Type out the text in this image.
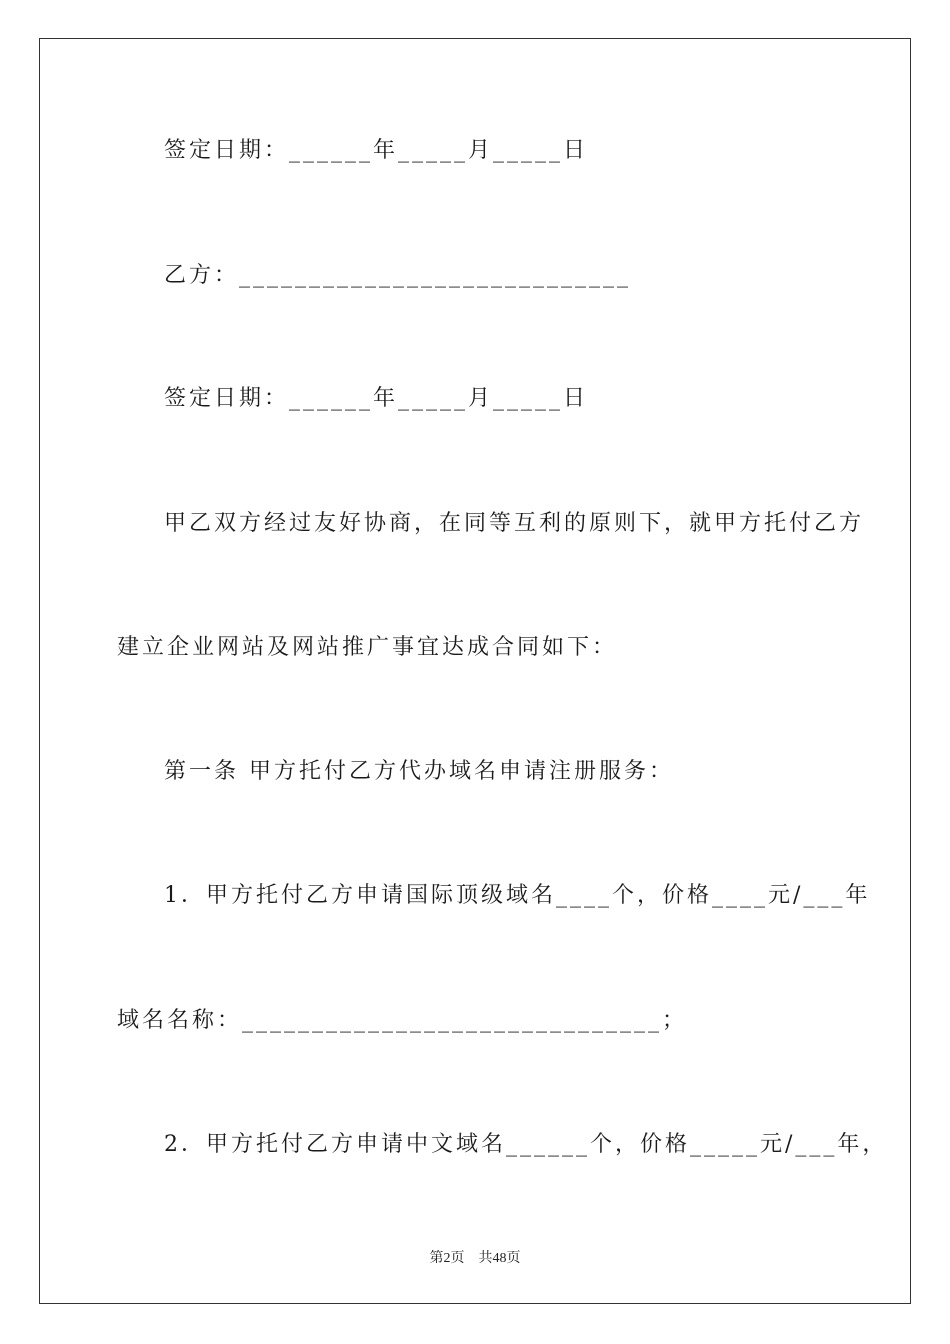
签定日期：______年_____月_____日
乙方：____________________________
签定日期：______年_____月_____日
甲乙双方经过友好协商，在同等互利的原则下，就甲方托付乙方
建立企业网站及网站推广事宜达成合同如下：
第一条 甲方托付乙方代办域名申请注册服务：
1．甲方托付乙方申请国际顶级域名____个，价格____元/___年
域名名称：______________________________；
2．甲方托付乙方申请中文域名______个，价格_____元/___年，
第2页　共48页
